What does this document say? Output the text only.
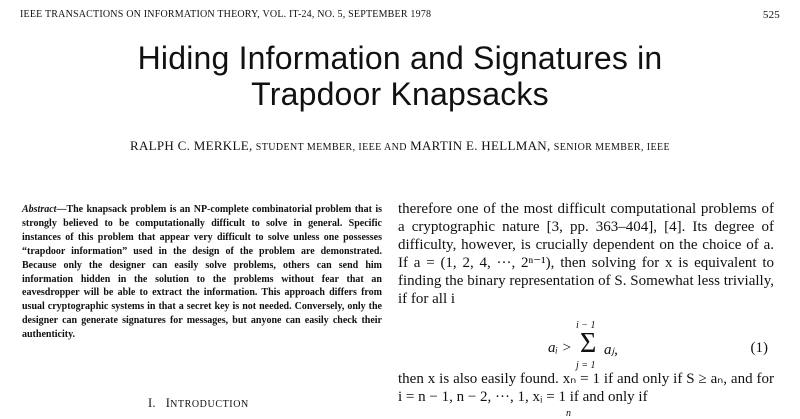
IEEE TRANSACTIONS ON INFORMATION THEORY, VOL. IT-24, NO. 5, SEPTEMBER 1978	525
Hiding Information and Signatures in
Trapdoor Knapsacks
RALPH C. MERKLE, STUDENT MEMBER, IEEE AND MARTIN E. HELLMAN, SENIOR MEMBER, IEEE
Abstract—The knapsack problem is an NP-complete combinatorial problem that is strongly believed to be computationally difficult to solve in general. Specific instances of this problem that appear very difficult to solve unless one possesses “trapdoor information” used in the design of the problem are demonstrated. Because only the designer can easily solve problems, others can send him information hidden in the solution to the problems without fear that an eavesdropper will be able to extract the information. This approach differs from usual cryptographic systems in that a secret key is not needed. Conversely, only the designer can generate signatures for messages, but anyone can easily check their authenticity.
I. INTRODUCTION

therefore one of the most difficult computational problems of a cryptographic nature [3, pp. 363–404], [4]. Its degree of difficulty, however, is crucially dependent on the choice of a. If a = (1, 2, 4, ···, 2ⁿ⁻¹), then solving for x is equivalent to finding the binary representation of S. Somewhat less trivially, if for all i

aᵢ >
i − 1
Σ
j = 1
aⱼ,	(1)

then x is also easily found. xₙ = 1 if and only if S ≥ aₙ, and for i = n − 1, n − 2, ···, 1, xᵢ = 1 if and only if

n
